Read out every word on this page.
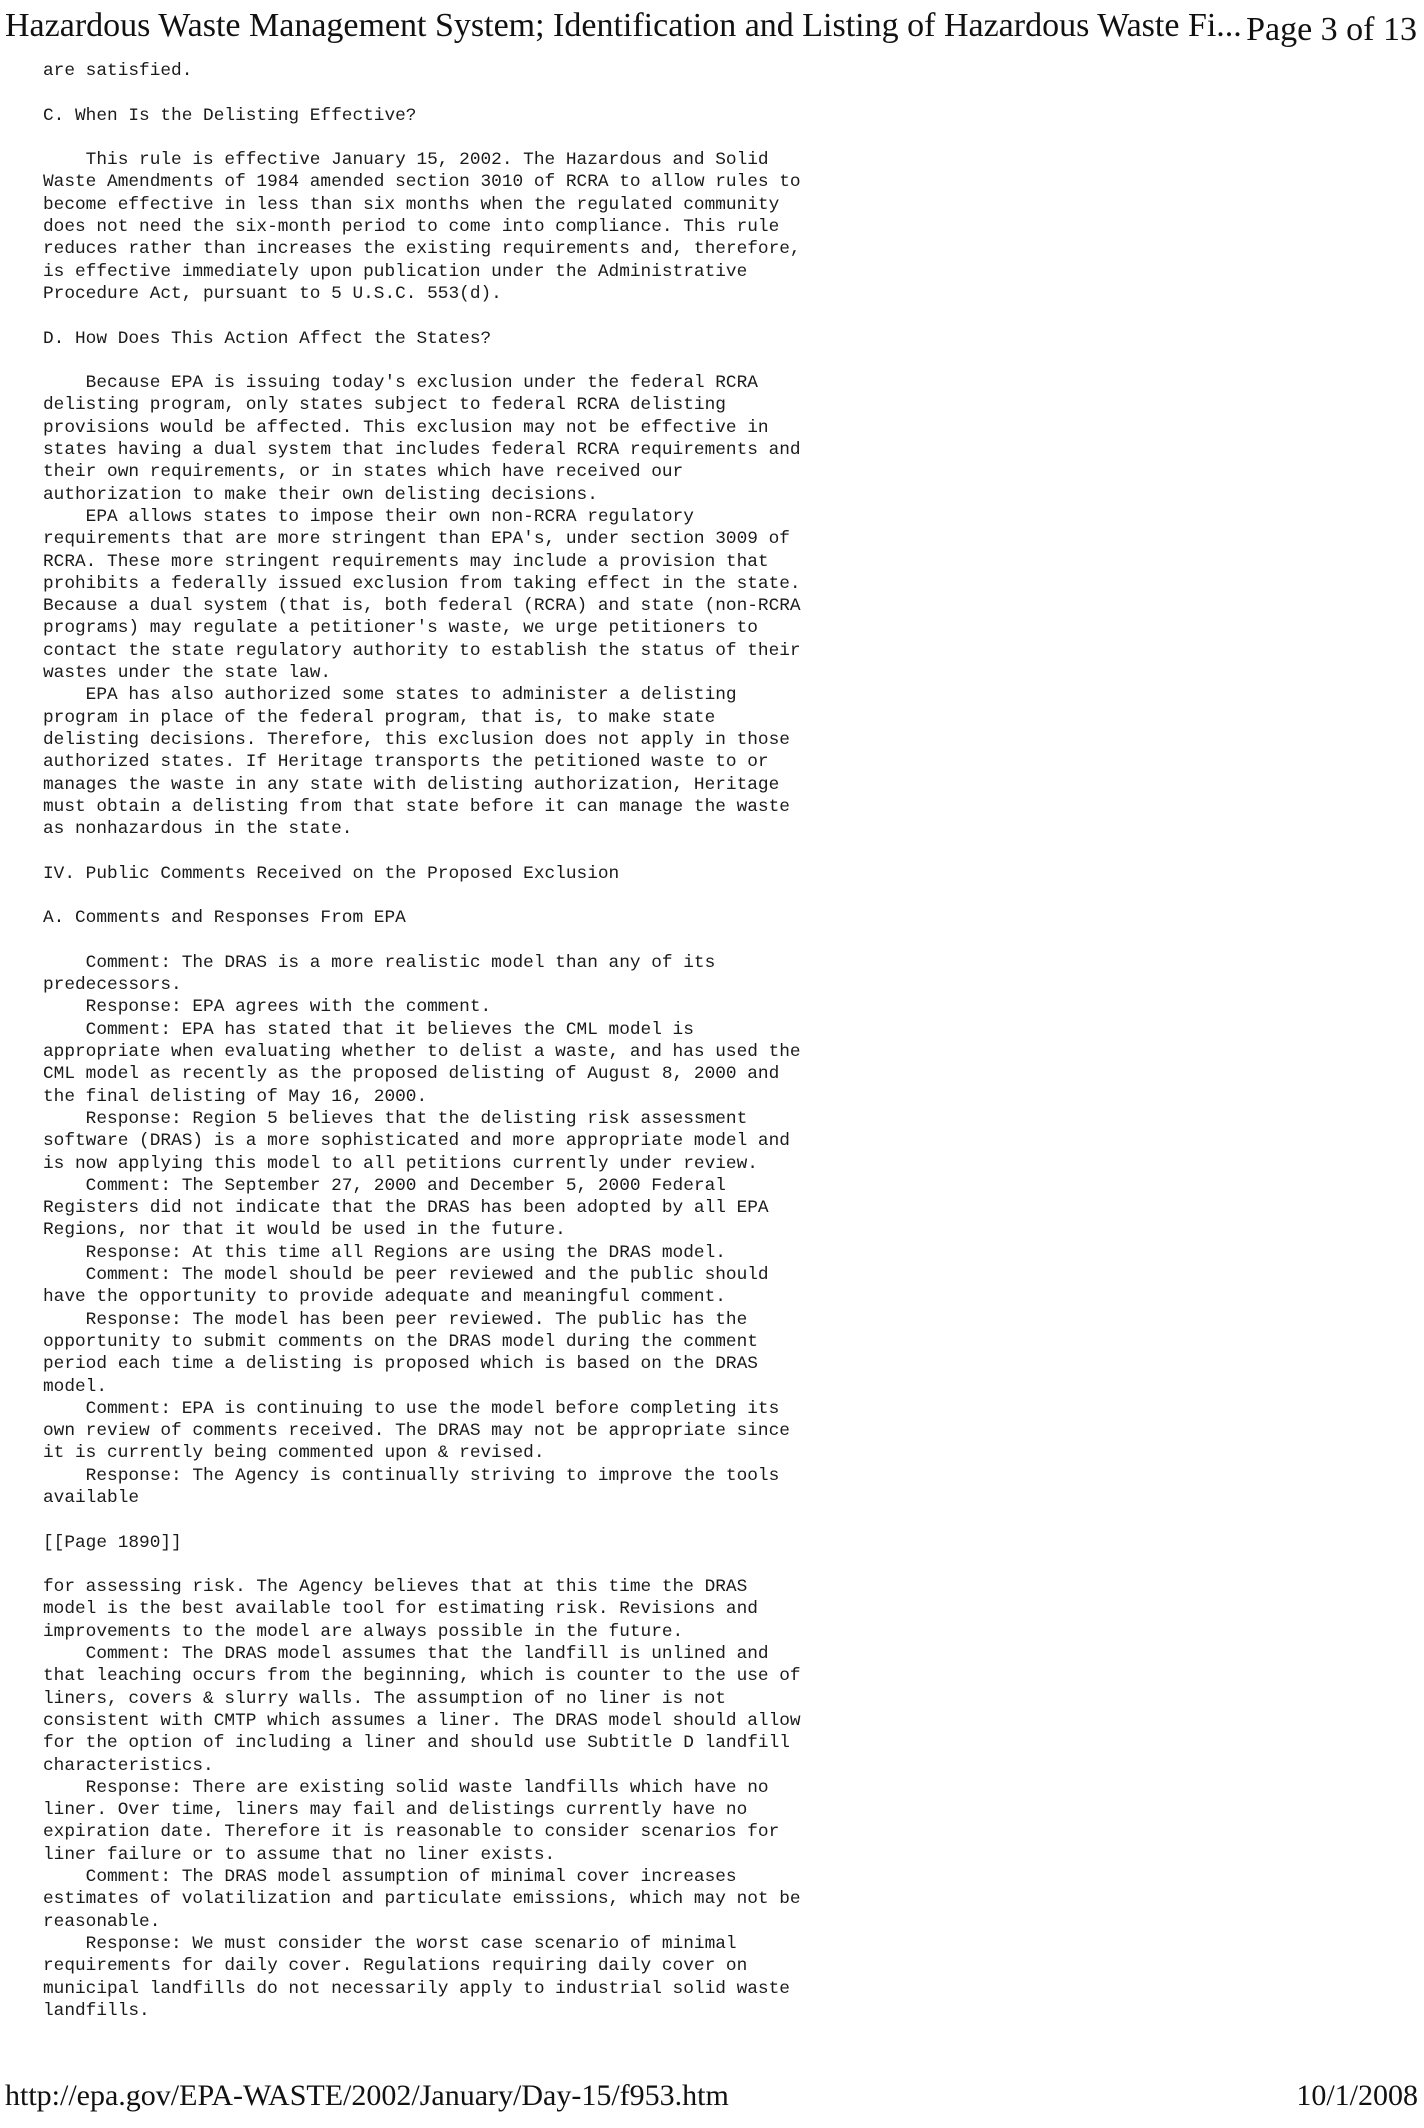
Hazardous Waste Management System; Identification and Listing of Hazardous Waste Fi... Page 3 of 13
are satisfied.
C. When Is the Delisting Effective?
This rule is effective January 15, 2002. The Hazardous and Solid
Waste Amendments of 1984 amended section 3010 of RCRA to allow rules to
become effective in less than six months when the regulated community
does not need the six-month period to come into compliance. This rule
reduces rather than increases the existing requirements and, therefore,
is effective immediately upon publication under the Administrative
Procedure Act, pursuant to 5 U.S.C. 553(d).
D. How Does This Action Affect the States?
Because EPA is issuing today's exclusion under the federal RCRA
delisting program, only states subject to federal RCRA delisting
provisions would be affected. This exclusion may not be effective in
states having a dual system that includes federal RCRA requirements and
their own requirements, or in states which have received our
authorization to make their own delisting decisions.
EPA allows states to impose their own non-RCRA regulatory
requirements that are more stringent than EPA's, under section 3009 of
RCRA. These more stringent requirements may include a provision that
prohibits a federally issued exclusion from taking effect in the state.
Because a dual system (that is, both federal (RCRA) and state (non-RCRA
programs) may regulate a petitioner's waste, we urge petitioners to
contact the state regulatory authority to establish the status of their
wastes under the state law.
EPA has also authorized some states to administer a delisting
program in place of the federal program, that is, to make state
delisting decisions. Therefore, this exclusion does not apply in those
authorized states. If Heritage transports the petitioned waste to or
manages the waste in any state with delisting authorization, Heritage
must obtain a delisting from that state before it can manage the waste
as nonhazardous in the state.
IV. Public Comments Received on the Proposed Exclusion
A. Comments and Responses From EPA
Comment: The DRAS is a more realistic model than any of its
predecessors.
Response: EPA agrees with the comment.
Comment: EPA has stated that it believes the CML model is
appropriate when evaluating whether to delist a waste, and has used the
CML model as recently as the proposed delisting of August 8, 2000 and
the final delisting of May 16, 2000.
Response: Region 5 believes that the delisting risk assessment
software (DRAS) is a more sophisticated and more appropriate model and
is now applying this model to all petitions currently under review.
Comment: The September 27, 2000 and December 5, 2000 Federal
Registers did not indicate that the DRAS has been adopted by all EPA
Regions, nor that it would be used in the future.
Response: At this time all Regions are using the DRAS model.
Comment: The model should be peer reviewed and the public should
have the opportunity to provide adequate and meaningful comment.
Response: The model has been peer reviewed. The public has the
opportunity to submit comments on the DRAS model during the comment
period each time a delisting is proposed which is based on the DRAS
model.
Comment: EPA is continuing to use the model before completing its
own review of comments received. The DRAS may not be appropriate since
it is currently being commented upon & revised.
Response: The Agency is continually striving to improve the tools
available
[[Page 1890]]
for assessing risk. The Agency believes that at this time the DRAS
model is the best available tool for estimating risk. Revisions and
improvements to the model are always possible in the future.
Comment: The DRAS model assumes that the landfill is unlined and
that leaching occurs from the beginning, which is counter to the use of
liners, covers & slurry walls. The assumption of no liner is not
consistent with CMTP which assumes a liner. The DRAS model should allow
for the option of including a liner and should use Subtitle D landfill
characteristics.
Response: There are existing solid waste landfills which have no
liner. Over time, liners may fail and delistings currently have no
expiration date. Therefore it is reasonable to consider scenarios for
liner failure or to assume that no liner exists.
Comment: The DRAS model assumption of minimal cover increases
estimates of volatilization and particulate emissions, which may not be
reasonable.
Response: We must consider the worst case scenario of minimal
requirements for daily cover. Regulations requiring daily cover on
municipal landfills do not necessarily apply to industrial solid waste
landfills.
http://epa.gov/EPA-WASTE/2002/January/Day-15/f953.htm	10/1/2008
